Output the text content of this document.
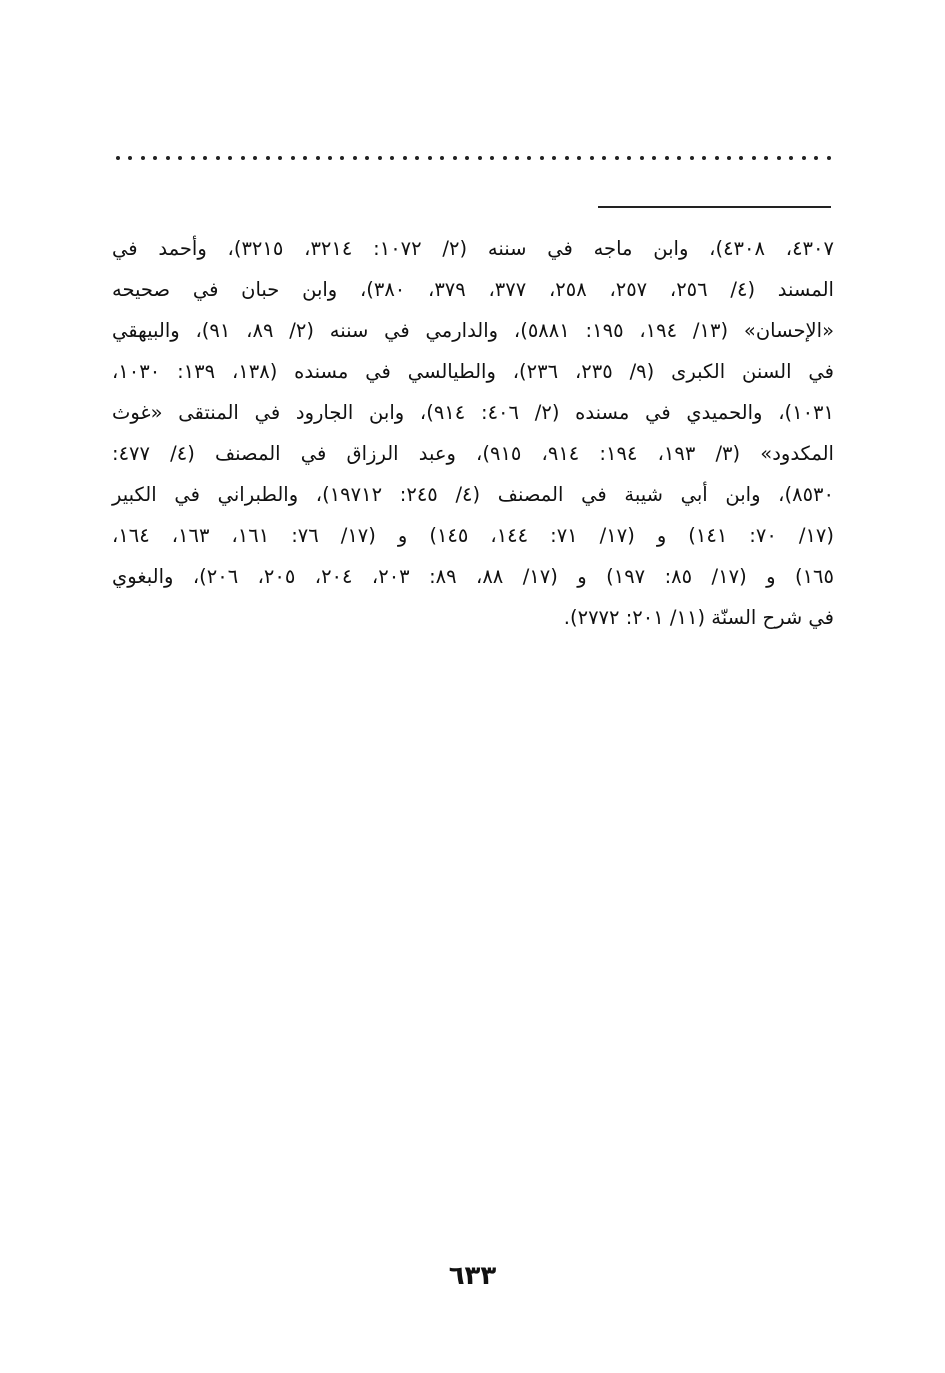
٤٣٠٧، ٤٣٠٨)، وابن ماجه في سننه (٢/ ١٠٧٢: ٣٢١٤، ٣٢١٥)، وأحمد في
المسند (٤/ ٢٥٦، ٢٥٧، ٢٥٨، ٣٧٧، ٣٧٩، ٣٨٠)، وابن حبان في صحيحه
«الإحسان» (١٣/ ١٩٤، ١٩٥: ٥٨٨١)، والدارمي في سننه (٢/ ٨٩، ٩١)، والبيهقي
في السنن الكبرى (٩/ ٢٣٥، ٢٣٦)، والطيالسي في مسنده (١٣٨، ١٣٩: ١٠٣٠،
١٠٣١)، والحميدي في مسنده (٢/ ٤٠٦: ٩١٤)، وابن الجارود في المنتقى «غوث
المكدود» (٣/ ١٩٣، ١٩٤: ٩١٤، ٩١٥)، وعبد الرزاق في المصنف (٤/ ٤٧٧:
٨٥٣٠)، وابن أبي شيبة في المصنف (٤/ ٢٤٥: ١٩٧١٢)، والطبراني في الكبير
(١٧/ ٧٠: ١٤١) و (١٧/ ٧١: ١٤٤، ١٤٥) و (١٧/ ٧٦: ١٦١، ١٦٣، ١٦٤،
١٦٥) و (١٧/ ٨٥: ١٩٧) و (١٧/ ٨٨، ٨٩: ٢٠٣، ٢٠٤، ٢٠٥، ٢٠٦)، والبغوي
في شرح السنّة (١١/ ٢٠١: ٢٧٧٢).
٦٣٣
